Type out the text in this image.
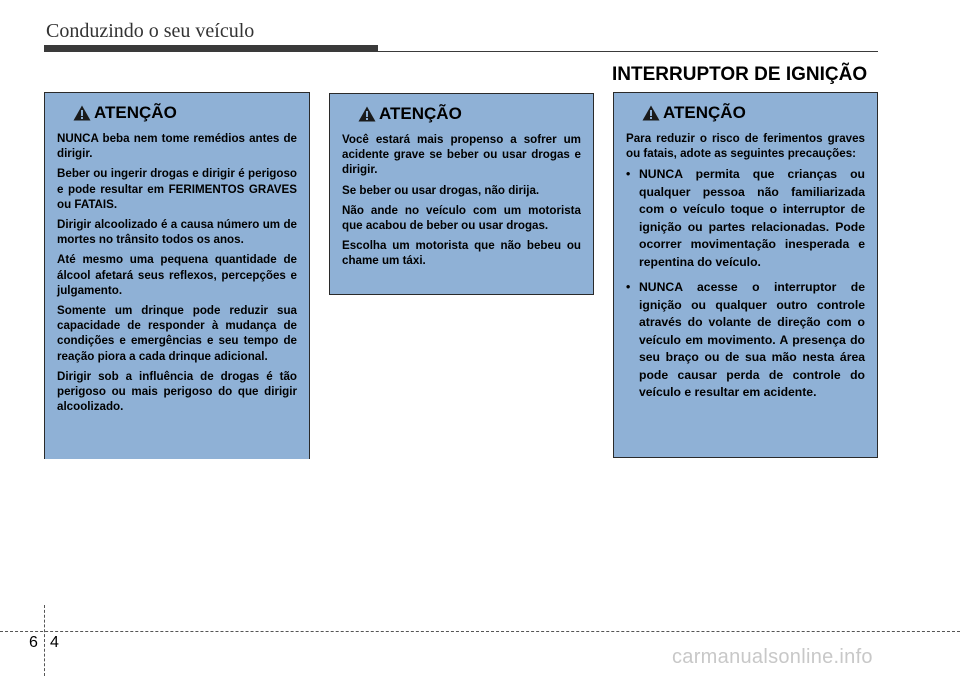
Conduzindo o seu veículo
INTERRUPTOR DE IGNIÇÃO
ATENÇÃO

NUNCA beba nem tome remédios antes de dirigir.

Beber ou ingerir drogas e dirigir é perigoso e pode resultar em FERIMENTOS GRAVES ou FATAIS.

Dirigir alcoolizado é a causa número um de mortes no trânsito todos os anos.

Até mesmo uma pequena quantidade de álcool afetará seus reflexos, percepções e julgamento.

Somente um drinque pode reduzir sua capacidade de responder à mudança de condições e emergências e seu tempo de reação piora a cada drinque adicional.

Dirigir sob a influência de drogas é tão perigoso ou mais perigoso do que dirigir alcoolizado.

ATENÇÃO

Você estará mais propenso a sofrer um acidente grave se beber ou usar drogas e dirigir.

Se beber ou usar drogas, não dirija.

Não ande no veículo com um motorista que acabou de beber ou usar drogas.

Escolha um motorista que não bebeu ou chame um táxi.

ATENÇÃO

Para reduzir o risco de ferimentos graves ou fatais, adote as seguintes precauções:

• NUNCA permita que crianças ou qualquer pessoa não familiarizada com o veículo toque o interruptor de ignição ou partes relacionadas. Pode ocorrer movimentação inesperada e repentina do veículo.
• NUNCA acesse o interruptor de ignição ou qualquer outro controle através do volante de direção com o veículo em movimento. A presença do seu braço ou de sua mão nesta área pode causar perda de controle do veículo e resultar em acidente.
6 4
carmanualsonline.info
